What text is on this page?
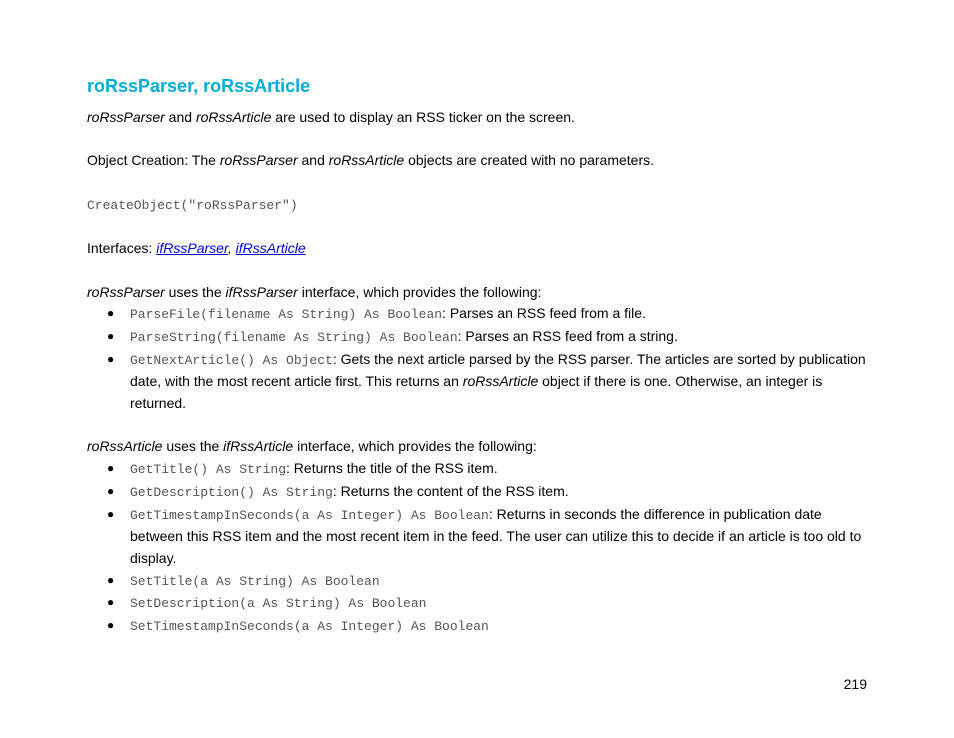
roRssParser, roRssArticle

roRssParser and roRssArticle are used to display an RSS ticker on the screen.

Object Creation: The roRssParser and roRssArticle objects are created with no parameters.

CreateObject("roRssParser")

Interfaces: ifRssParser, ifRssArticle

roRssParser uses the ifRssParser interface, which provides the following:

● ParseFile(filename As String) As Boolean: Parses an RSS feed from a file.
● ParseString(filename As String) As Boolean: Parses an RSS feed from a string.
● GetNextArticle() As Object: Gets the next article parsed by the RSS parser. The articles are sorted by publication date, with the most recent article first. This returns an roRssArticle object if there is one. Otherwise, an integer is returned.

roRssArticle uses the ifRssArticle interface, which provides the following:

● GetTitle() As String: Returns the title of the RSS item.
● GetDescription() As String: Returns the content of the RSS item.
● GetTimestampInSeconds(a As Integer) As Boolean: Returns in seconds the difference in publication date between this RSS item and the most recent item in the feed. The user can utilize this to decide if an article is too old to display.
● SetTitle(a As String) As Boolean
● SetDescription(a As String) As Boolean
● SetTimestampInSeconds(a As Integer) As Boolean
219
